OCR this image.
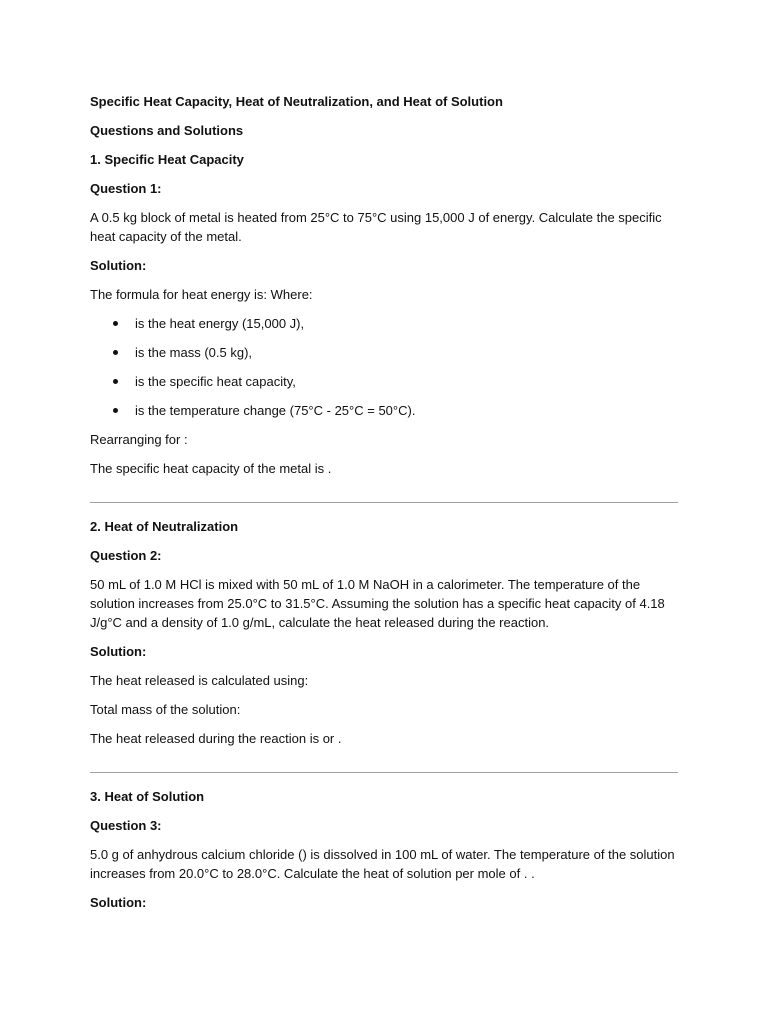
Specific Heat Capacity, Heat of Neutralization, and Heat of Solution

Questions and Solutions

1. Specific Heat Capacity

Question 1:

A 0.5 kg block of metal is heated from 25°C to 75°C using 15,000 J of energy. Calculate the specific heat capacity of the metal.

Solution:

The formula for heat energy is: Where:

is the heat energy (15,000 J),
is the mass (0.5 kg),
is the specific heat capacity,
is the temperature change (75°C - 25°C = 50°C).

Rearranging for :

The specific heat capacity of the metal is .

2. Heat of Neutralization

Question 2:

50 mL of 1.0 M HCl is mixed with 50 mL of 1.0 M NaOH in a calorimeter. The temperature of the solution increases from 25.0°C to 31.5°C. Assuming the solution has a specific heat capacity of 4.18 J/g°C and a density of 1.0 g/mL, calculate the heat released during the reaction.

Solution:

The heat released is calculated using:

Total mass of the solution:

The heat released during the reaction is or .

3. Heat of Solution

Question 3:

5.0 g of anhydrous calcium chloride () is dissolved in 100 mL of water. The temperature of the solution increases from 20.0°C to 28.0°C. Calculate the heat of solution per mole of . .

Solution:
